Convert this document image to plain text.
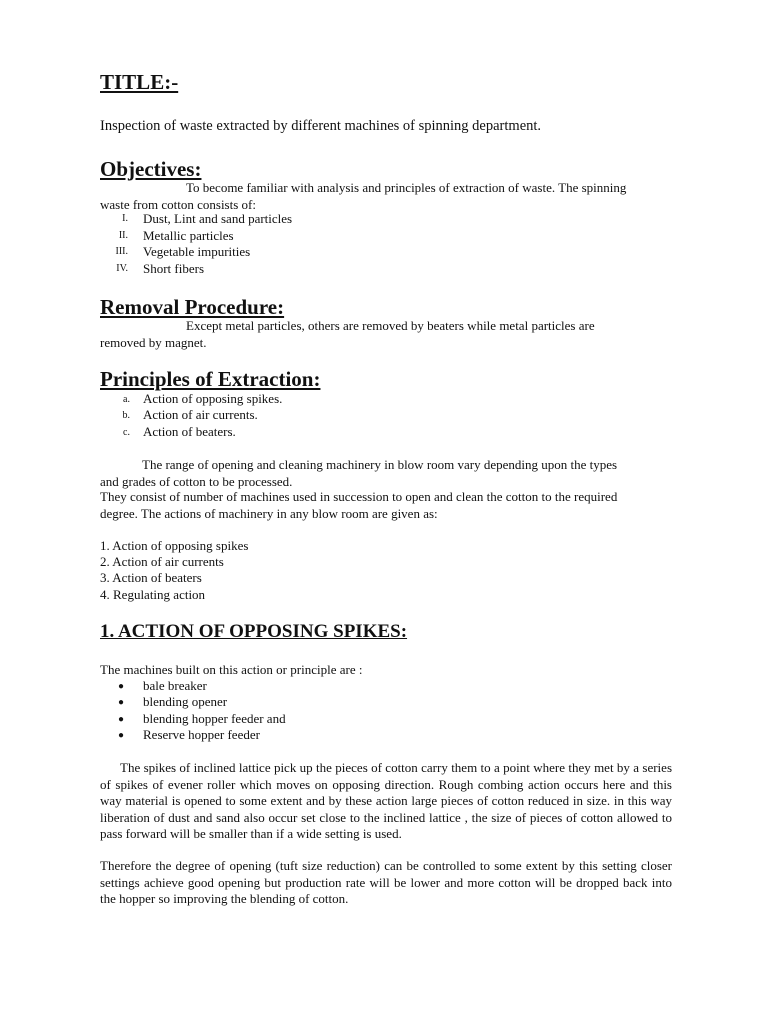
TITLE:-

Inspection of waste extracted by different machines of spinning department.

Objectives:

To become familiar with analysis and principles of extraction of waste. The spinning
waste from cotton consists of:

I. Dust, Lint and sand particles
II. Metallic particles
III. Vegetable impurities
IV. Short fibers
Removal Procedure:

Except metal particles, others are removed by beaters while metal particles are
removed by magnet.

Principles of Extraction:
a. Action of opposing spikes.
b. Action of air currents.
c. Action of beaters.

The range of opening and cleaning machinery in blow room vary depending upon the types
and grades of cotton to be processed.

They consist of number of machines used in succession to open and clean the cotton to the required
degree. The actions of machinery in any blow room are given as:

1. Action of opposing spikes
2. Action of air currents
3. Action of beaters
4. Regulating action
1. ACTION OF OPPOSING SPIKES:

The machines built on this action or principle are :

● bale breaker
● blending opener
● blending hopper feeder and
● Reserve hopper feeder

The spikes of inclined lattice pick up the pieces of cotton carry them to a point where they met by a series of spikes of evener roller which moves on opposing direction. Rough combing action occurs here and this way material is opened to some extent and by these action large pieces of cotton reduced in size. in this way liberation of dust and sand also occur set close to the inclined lattice , the size of pieces of cotton allowed to pass forward will be smaller than if a wide setting is used.

Therefore the degree of opening (tuft size reduction) can be controlled to some extent by this setting closer settings achieve good opening but production rate will be lower and more cotton will be dropped back into the hopper so improving the blending of cotton.
